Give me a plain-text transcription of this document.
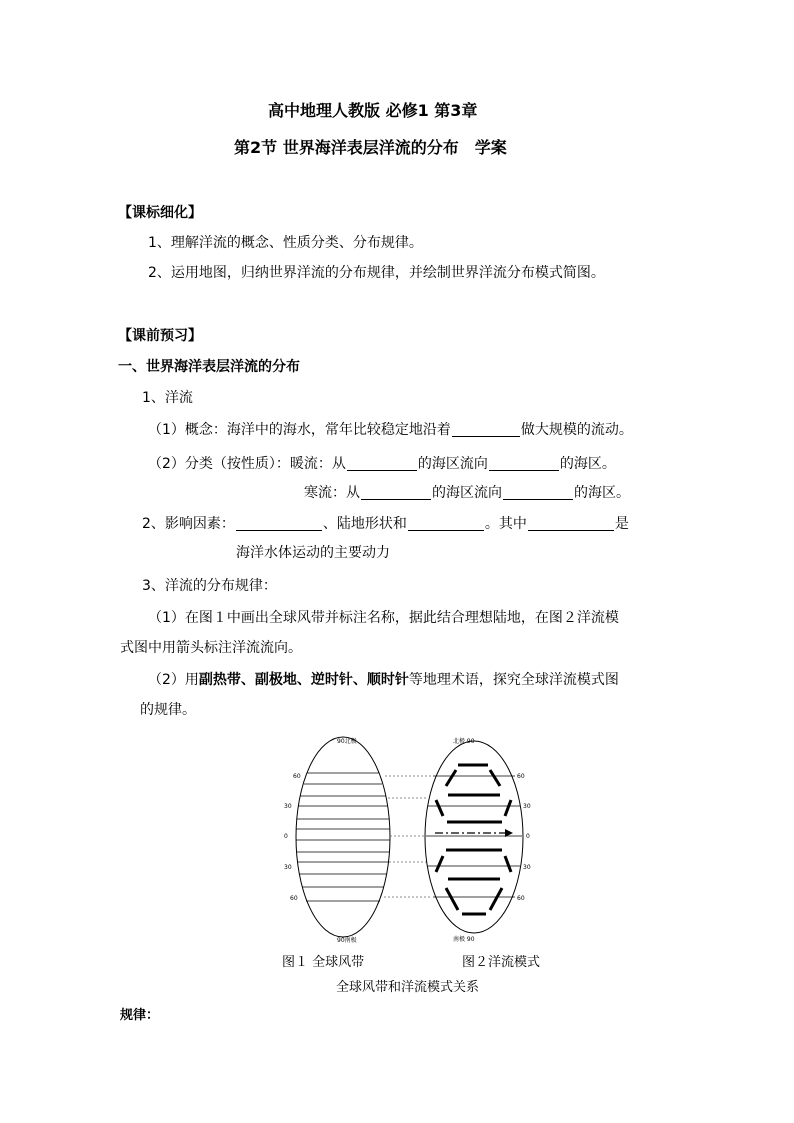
高中地理人教版 必修1 第3章
第2节 世界海洋表层洋流的分布　学案
【课标细化】
1、理解洋流的概念、性质分类、分布规律。
2、运用地图，归纳世界洋流的分布规律，并绘制世界洋流分布模式简图。
【课前预习】
一、世界海洋表层洋流的分布
1、洋流
（1）概念：海洋中的海水，常年比较稳定地沿着	做大规模的流动。
（2）分类（按性质）：暖流：从	的海区流向	的海区。
寒流：从	的海区流向	的海区。
2、影响因素：	、陆地形状和	。其中	是
海洋水体运动的主要动力
3、洋流的分布规律：
（1）在图１中画出全球风带并标注名称，据此结合理想陆地，在图２洋流模
式图中用箭头标注洋流流向。
（2）用副热带、副极地、逆时针、顺时针等地理术语，探究全球洋流模式图
的规律。
90北极
90南极
北极 90
南极 90
60
30
0
30
60
60
30
0
30
60
图１ 全球风带	图２洋流模式
全球风带和洋流模式关系
规律：
